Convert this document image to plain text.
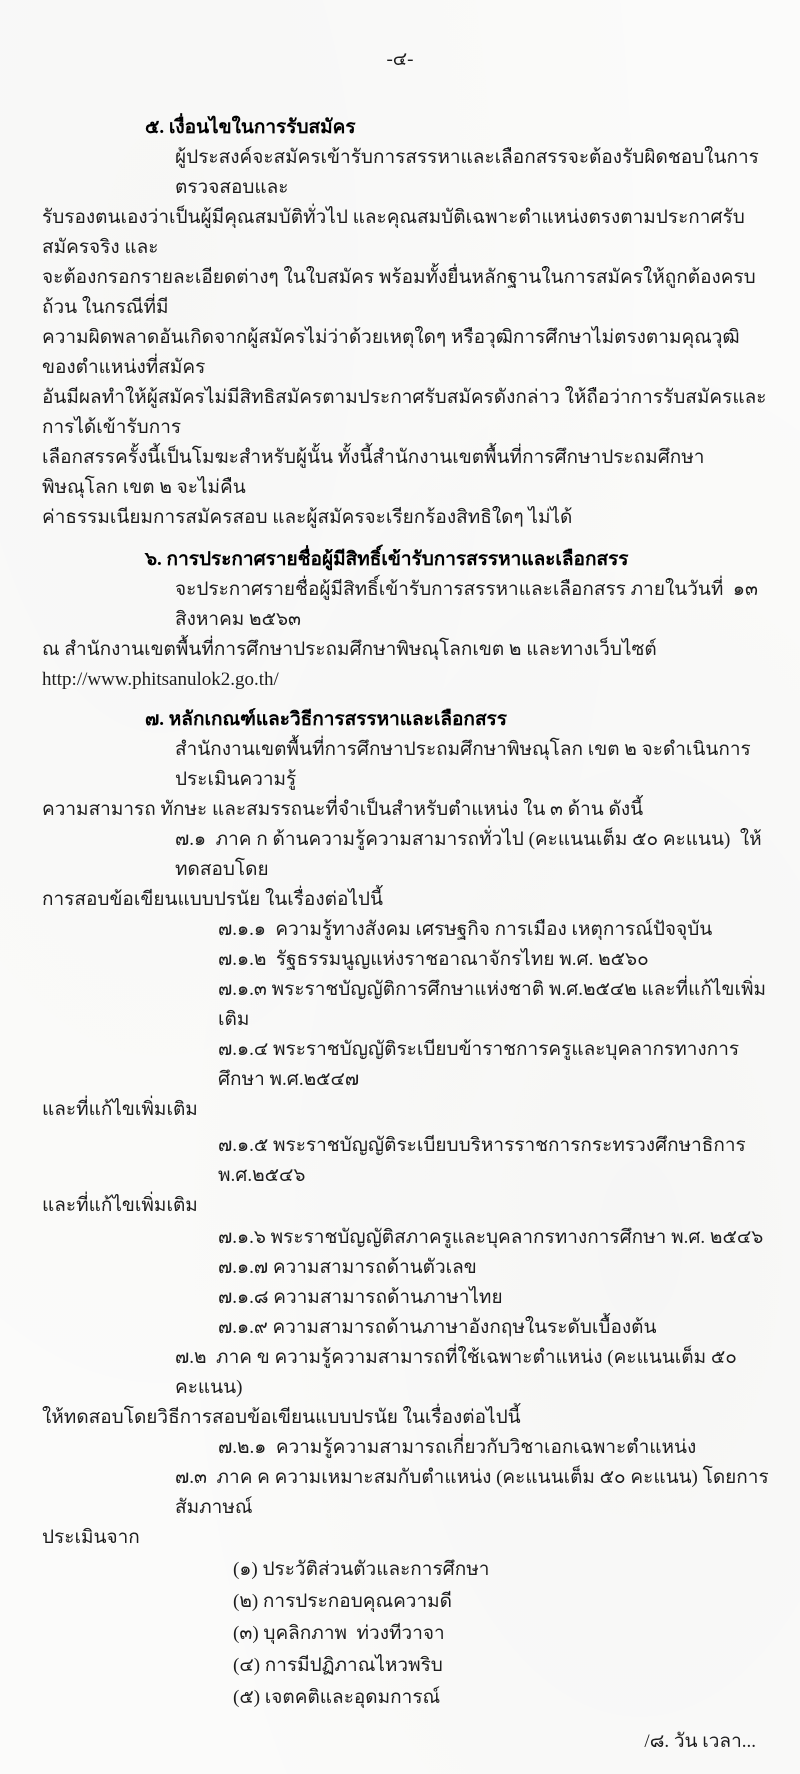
-๔-

๕. เงื่อนไขในการรับสมัคร

ผู้ประสงค์จะสมัครเข้ารับการสรรหาและเลือกสรรจะต้องรับผิดชอบในการตรวจสอบและ

รับรองตนเองว่าเป็นผู้มีคุณสมบัติทั่วไป และคุณสมบัติเฉพาะตำแหน่งตรงตามประกาศรับสมัครจริง และ

จะต้องกรอกรายละเอียดต่างๆ ในใบสมัคร พร้อมทั้งยื่นหลักฐานในการสมัครให้ถูกต้องครบถ้วน ในกรณีที่มี

ความผิดพลาดอันเกิดจากผู้สมัครไม่ว่าด้วยเหตุใดๆ หรือวุฒิการศึกษาไม่ตรงตามคุณวุฒิของตำแหน่งที่สมัคร

อันมีผลทำให้ผู้สมัครไม่มีสิทธิสมัครตามประกาศรับสมัครดังกล่าว ให้ถือว่าการรับสมัครและการได้เข้ารับการ

เลือกสรรครั้งนี้เป็นโมฆะสำหรับผู้นั้น ทั้งนี้สำนักงานเขตพื้นที่การศึกษาประถมศึกษาพิษณุโลก เขต ๒ จะไม่คืน

ค่าธรรมเนียมการสมัครสอบ และผู้สมัครจะเรียกร้องสิทธิใดๆ ไม่ได้

๖. การประกาศรายชื่อผู้มีสิทธิ์เข้ารับการสรรหาและเลือกสรร

จะประกาศรายชื่อผู้มีสิทธิ์เข้ารับการสรรหาและเลือกสรร ภายในวันที่  ๑๓  สิงหาคม ๒๕๖๓

ณ สำนักงานเขตพื้นที่การศึกษาประถมศึกษาพิษณุโลกเขต ๒ และทางเว็บไซต์ http://www.phitsanulok2.go.th/

๗. หลักเกณฑ์และวิธีการสรรหาและเลือกสรร

สำนักงานเขตพื้นที่การศึกษาประถมศึกษาพิษณุโลก เขต ๒ จะดำเนินการประเมินความรู้

ความสามารถ ทักษะ และสมรรถนะที่จำเป็นสำหรับตำแหน่ง ใน ๓ ด้าน ดังนี้

๗.๑  ภาค ก ด้านความรู้ความสามารถทั่วไป (คะแนนเต็ม ๕๐ คะแนน)  ให้ทดสอบโดย

การสอบข้อเขียนแบบปรนัย ในเรื่องต่อไปนี้

๗.๑.๑  ความรู้ทางสังคม เศรษฐกิจ การเมือง เหตุการณ์ปัจจุบัน

๗.๑.๒  รัฐธรรมนูญแห่งราชอาณาจักรไทย พ.ศ. ๒๕๖๐

๗.๑.๓ พระราชบัญญัติการศึกษาแห่งชาติ พ.ศ.๒๕๔๒ และที่แก้ไขเพิ่มเติม

๗.๑.๔ พระราชบัญญัติระเบียบข้าราชการครูและบุคลากรทางการศึกษา พ.ศ.๒๕๔๗

และที่แก้ไขเพิ่มเติม

๗.๑.๕ พระราชบัญญัติระเบียบบริหารราชการกระทรวงศึกษาธิการ พ.ศ.๒๕๔๖

และที่แก้ไขเพิ่มเติม

๗.๑.๖ พระราชบัญญัติสภาครูและบุคลากรทางการศึกษา พ.ศ. ๒๕๔๖

๗.๑.๗ ความสามารถด้านตัวเลข

๗.๑.๘ ความสามารถด้านภาษาไทย

๗.๑.๙ ความสามารถด้านภาษาอังกฤษในระดับเบื้องต้น

๗.๒  ภาค ข ความรู้ความสามารถที่ใช้เฉพาะตำแหน่ง (คะแนนเต็ม ๕๐ คะแนน)

ให้ทดสอบโดยวิธีการสอบข้อเขียนแบบปรนัย ในเรื่องต่อไปนี้

๗.๒.๑  ความรู้ความสามารถเกี่ยวกับวิชาเอกเฉพาะตำแหน่ง

๗.๓  ภาค ค ความเหมาะสมกับตำแหน่ง (คะแนนเต็ม ๕๐ คะแนน) โดยการสัมภาษณ์

ประเมินจาก

(๑) ประวัติส่วนตัวและการศึกษา

(๒) การประกอบคุณความดี

(๓) บุคลิกภาพ  ท่วงทีวาจา

(๔) การมีปฏิภาณไหวพริบ

(๕) เจตคติและอุดมการณ์

/๘. วัน เวลา...
